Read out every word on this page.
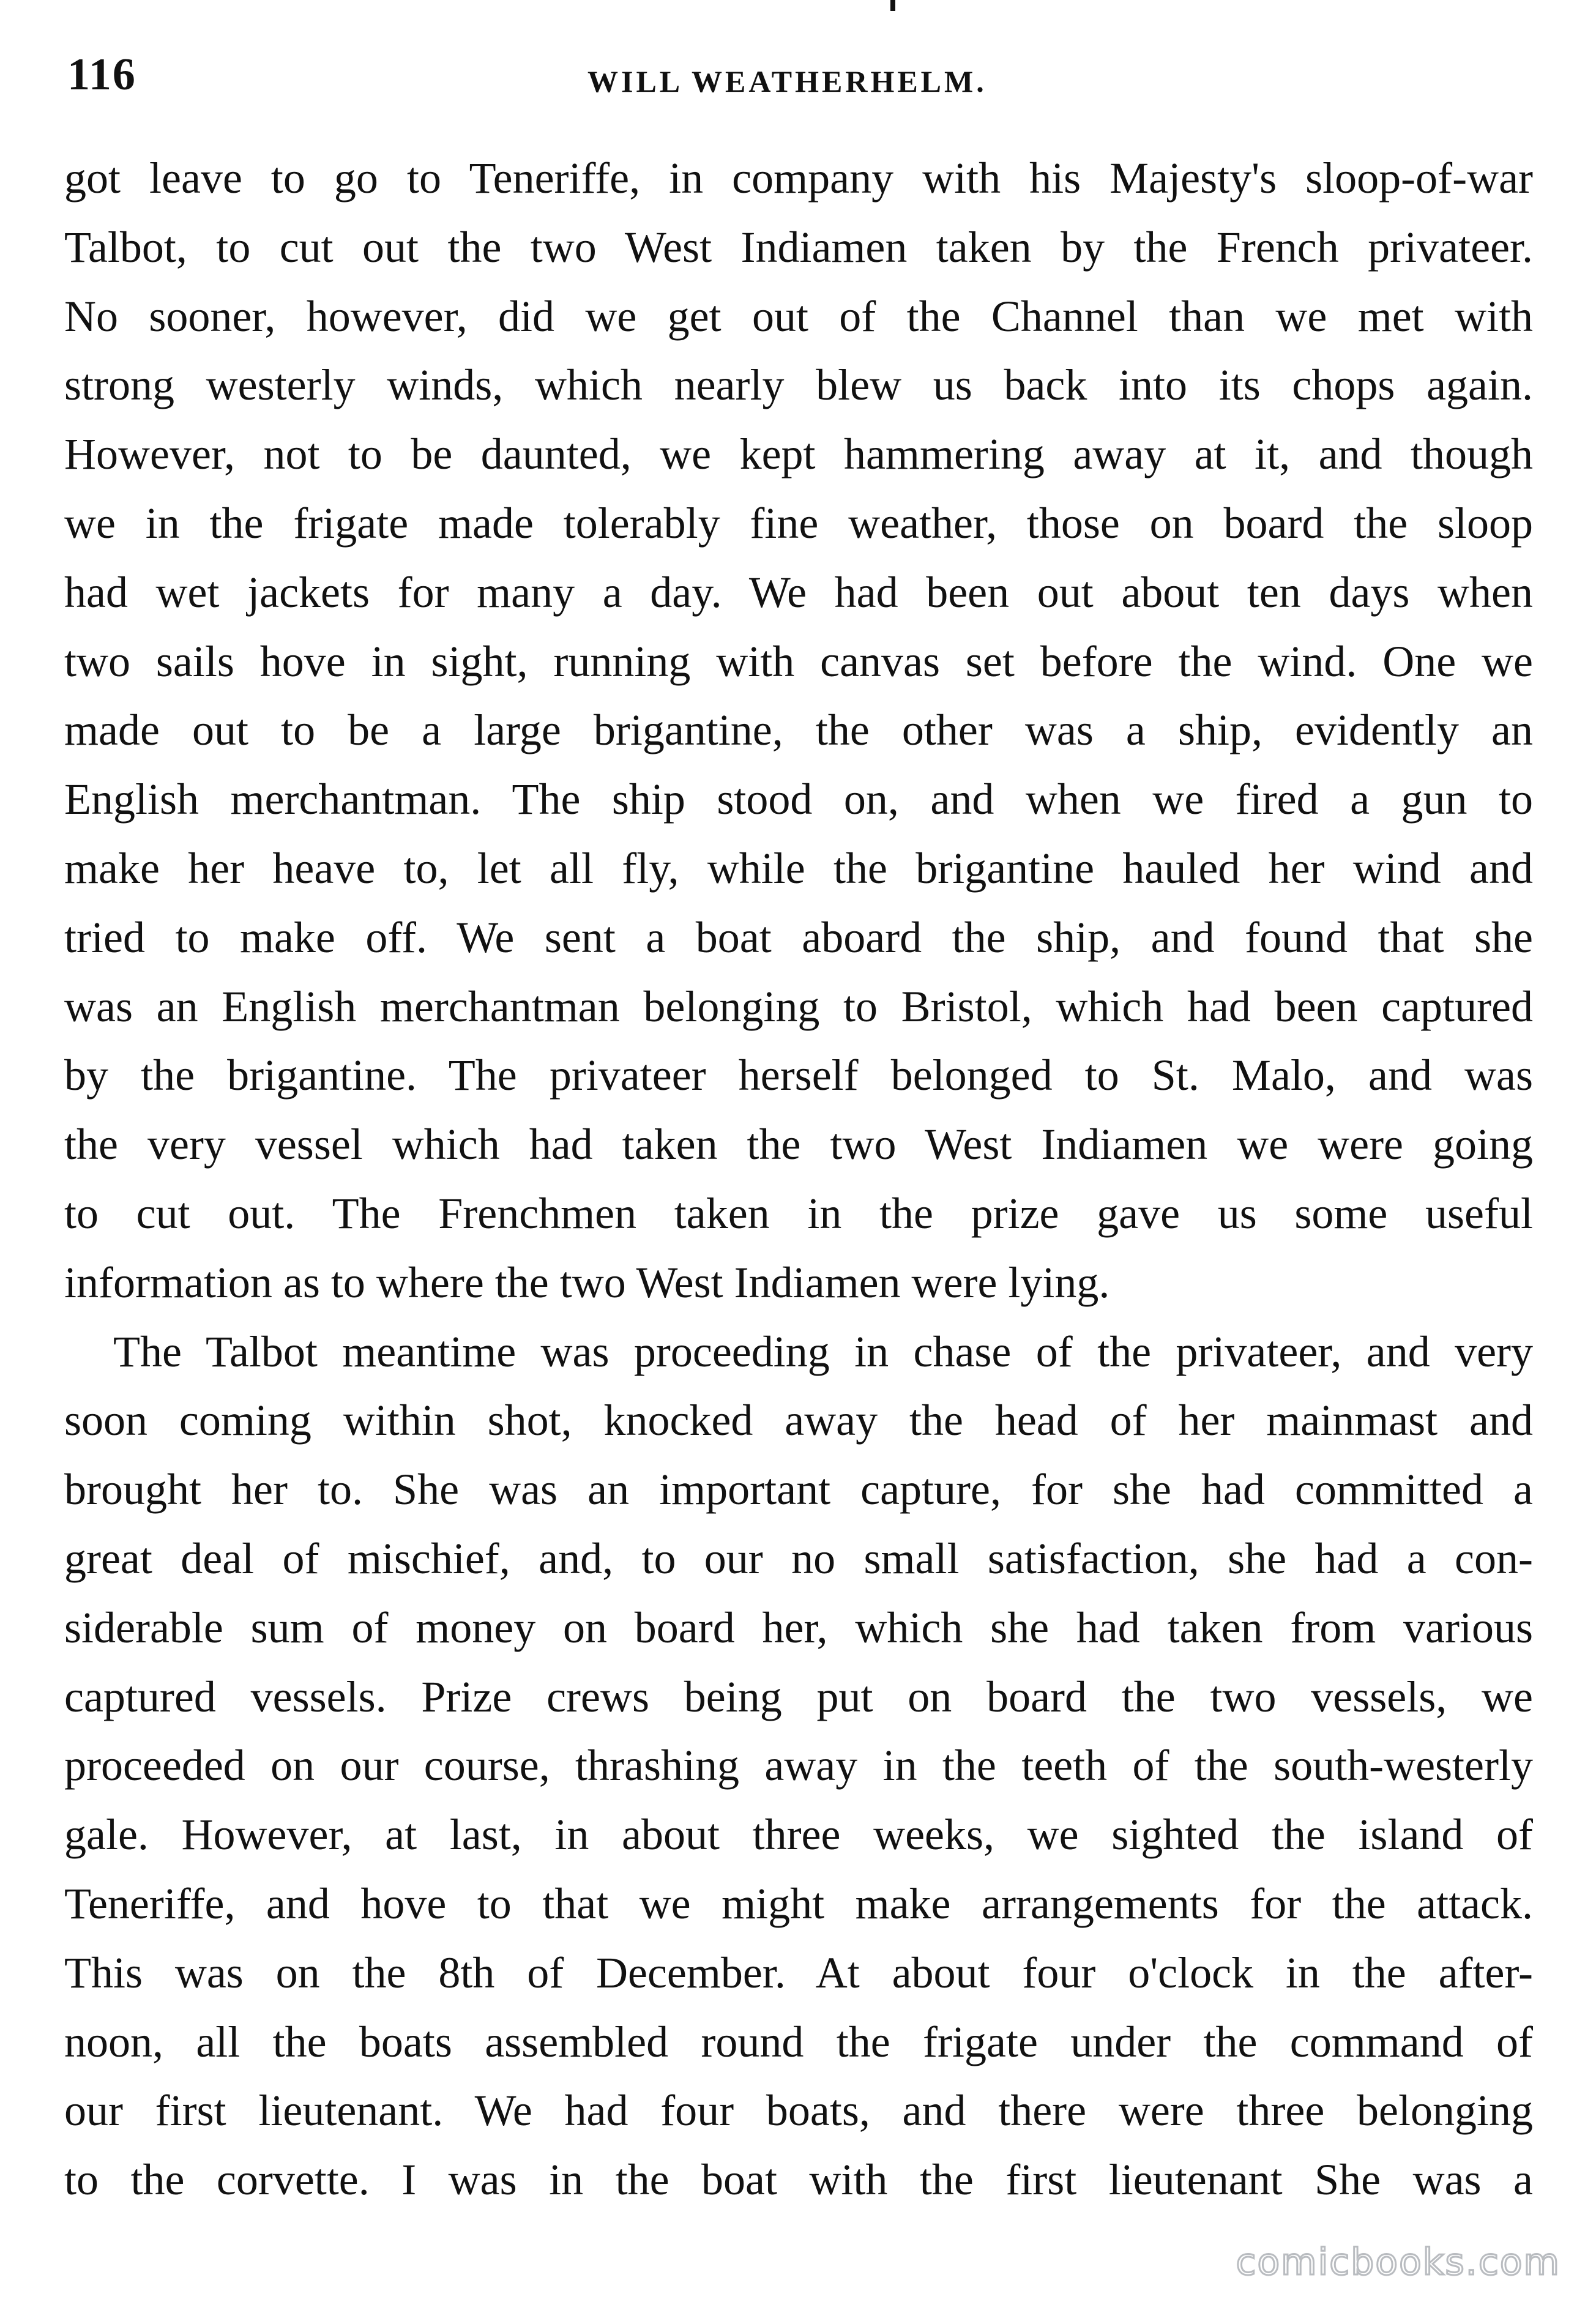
116	WILL WEATHERHELM.
got leave to go to Teneriffe, in company with his Majesty's sloop-of-war
Talbot, to cut out the two West Indiamen taken by the French privateer.
No sooner, however, did we get out of the Channel than we met with
strong westerly winds, which nearly blew us back into its chops again.
However, not to be daunted, we kept hammering away at it, and though
we in the frigate made tolerably fine weather, those on board the sloop
had wet jackets for many a day. We had been out about ten days when
two sails hove in sight, running with canvas set before the wind. One we
made out to be a large brigantine, the other was a ship, evidently an
English merchantman. The ship stood on, and when we fired a gun to
make her heave to, let all fly, while the brigantine hauled her wind and
tried to make off. We sent a boat aboard the ship, and found that she
was an English merchantman belonging to Bristol, which had been captured
by the brigantine. The privateer herself belonged to St. Malo, and was
the very vessel which had taken the two West Indiamen we were going
to cut out. The Frenchmen taken in the prize gave us some useful
information as to where the two West Indiamen were lying.
The Talbot meantime was proceeding in chase of the privateer, and very
soon coming within shot, knocked away the head of her mainmast and
brought her to. She was an important capture, for she had committed a
great deal of mischief, and, to our no small satisfaction, she had a con-
siderable sum of money on board her, which she had taken from various
captured vessels. Prize crews being put on board the two vessels, we
proceeded on our course, thrashing away in the teeth of the south-westerly
gale. However, at last, in about three weeks, we sighted the island of
Teneriffe, and hove to that we might make arrangements for the attack.
This was on the 8th of December. At about four o'clock in the after-
noon, all the boats assembled round the frigate under the command of
our first lieutenant. We had four boats, and there were three belonging
to the corvette. I was in the boat with the first lieutenant She was a
comicbooks.com
